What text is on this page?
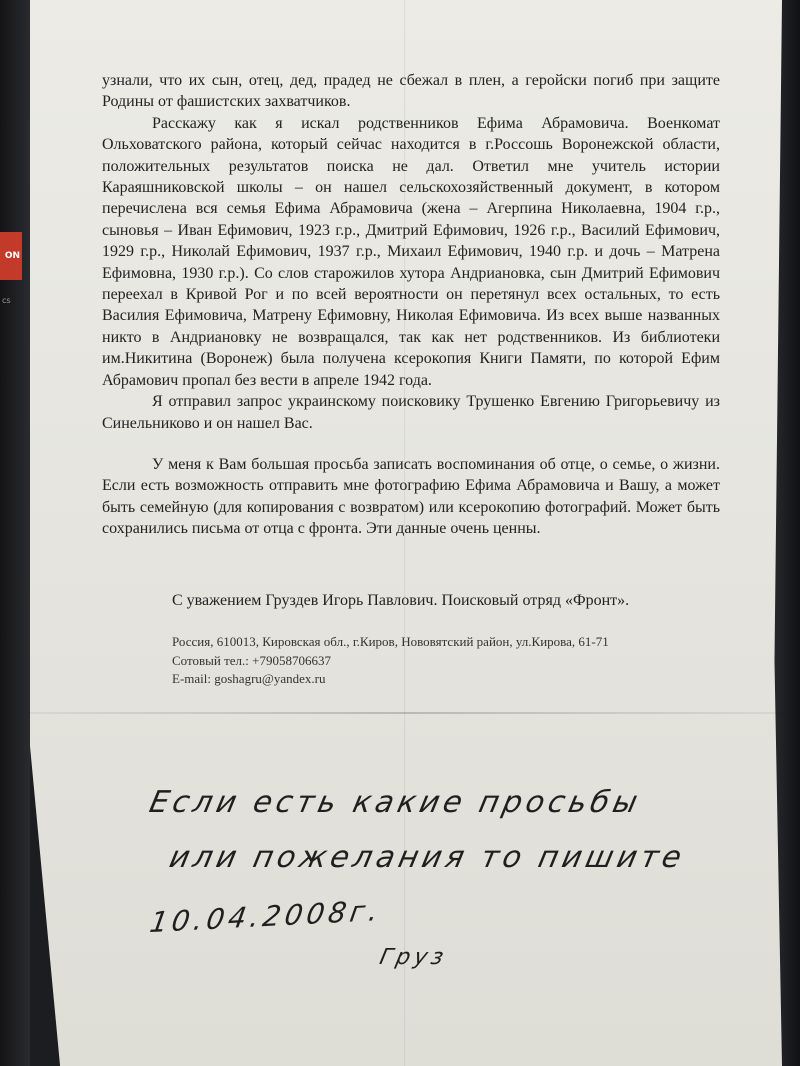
ON
cs

узнали, что их сын, отец, дед, прадед не сбежал в плен, а геройски погиб при защите Родины от фашистских захватчиков.

Расскажу как я искал родственников Ефима Абрамовича. Военкомат Ольховатского района, который сейчас находится в г.Россошь Воронежской области, положительных результатов поиска не дал. Ответил мне учитель истории Караяшниковской школы – он нашел сельскохозяйственный документ, в котором перечислена вся семья Ефима Абрамовича (жена – Агерпина Николаевна, 1904 г.р., сыновья – Иван Ефимович, 1923 г.р., Дмитрий Ефимович, 1926 г.р., Василий Ефимович, 1929 г.р., Николай Ефимович, 1937 г.р., Михаил Ефимович, 1940 г.р. и дочь – Матрена Ефимовна, 1930 г.р.). Со слов старожилов хутора Андриановка, сын Дмитрий Ефимович переехал в Кривой Рог и по всей вероятности он перетянул всех остальных, то есть Василия Ефимовича, Матрену Ефимовну, Николая Ефимовича. Из всех выше названных никто в Андриановку не возвращался, так как нет родственников. Из библиотеки им.Никитина (Воронеж) была получена ксерокопия Книги Памяти, по которой Ефим Абрамович пропал без вести в апреле 1942 года.

Я отправил запрос украинскому поисковику Трушенко Евгению Григорьевичу из Синельниково и он нашел Вас.

У меня к Вам большая просьба записать воспоминания об отце, о семье, о жизни. Если есть возможность отправить мне фотографию Ефима Абрамовича и Вашу, а может быть семейную (для копирования с возвратом) или ксерокопию фотографий. Может быть сохранились письма от отца с фронта. Эти данные очень ценны.

С уважением Груздев Игорь Павлович. Поисковый отряд «Фронт».
Россия, 610013, Кировская обл., г.Киров, Нововятский район, ул.Кирова, 61-71
Сотовый тел.: +79058706637
E-mail: goshagru@yandex.ru
Если есть какие просьбы
или пожелания то пишите
10.04.2008г.
Груз
